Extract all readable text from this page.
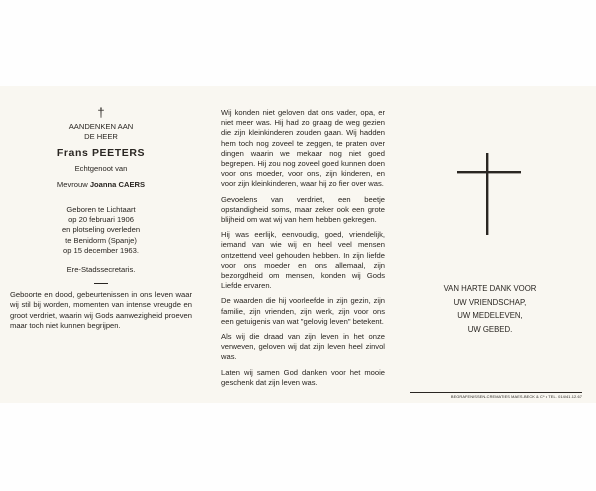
†
AANDENKEN AAN
DE HEER
Frans PEETERS
Echtgenoot van
Mevrouw Joanna CAERS
Geboren te Lichtaart
op 20 februari 1906
en plotseling overleden
te Benidorm (Spanje)
op 15 december 1963.
Ere-Stadssecretaris.
Geboorte en dood, gebeurtenissen in ons leven waar wij stil bij worden, momenten van intense vreugde en groot verdriet, waarin wij Gods aanwezigheid proeven maar toch niet kunnen begrijpen.

Wij konden niet geloven dat ons vader, opa, er niet meer was. Hij had zo graag de weg gezien die zijn kleinkinderen zouden gaan. Wij hadden hem toch nog zoveel te zeggen, te praten over dingen waarin we mekaar nog niet goed begrepen. Hij zou nog zoveel goed kunnen doen voor ons moeder, voor ons, zijn kinderen, en voor zijn kleinkinderen, waar hij zo fier over was.

Gevoelens van verdriet, een beetje opstandigheid soms, maar zeker ook een grote blijheid om wat wij van hem hebben gekregen.

Hij was eerlijk, eenvoudig, goed, vriendelijk, iemand van wie wij en heel veel mensen ontzettend veel gehouden hebben. In zijn liefde voor ons moeder en ons allemaal, zijn bezorgdheid om mensen, konden wij Gods Liefde ervaren.

De waarden die hij voorleefde in zijn gezin, zijn familie, zijn vrienden, zijn werk, zijn voor ons een getuigenis van wat "gelovig leven" betekent.

Als wij die draad van zijn leven in het onze verweven, geloven wij dat zijn leven heel zinvol was.

Laten wij samen God danken voor het mooie geschenk dat zijn leven was.

VAN HARTE DANK VOOR
UW VRIENDSCHAP,
UW MEDELEVEN,
UW GEBED.
BEGRAFENISSEN-CREMATIES MAES-BECK & Cᵒ • TEL. 014/41.12.67
